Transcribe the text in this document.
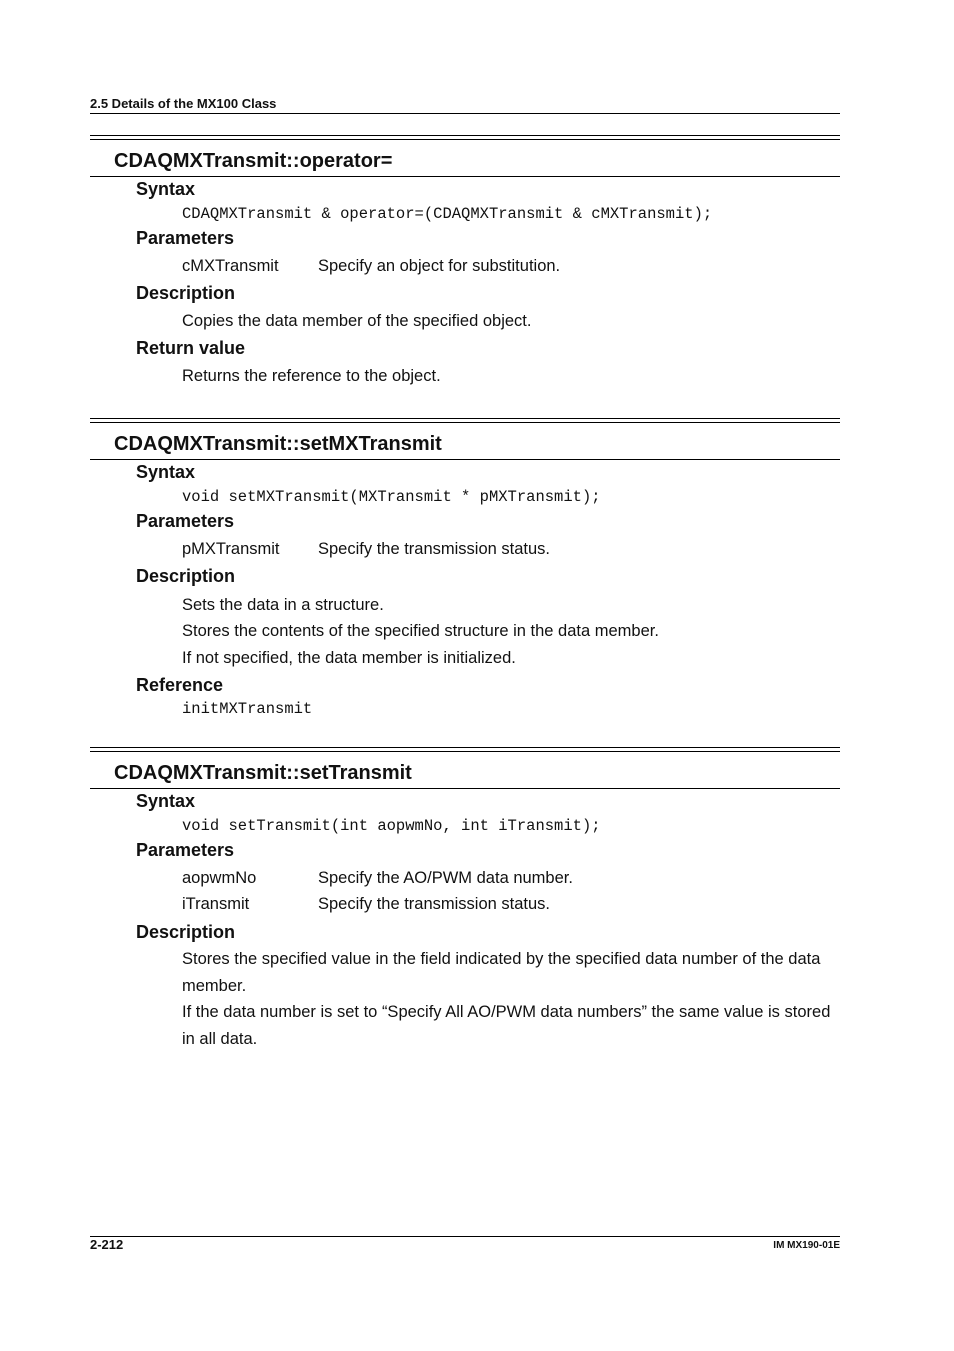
2.5 Details of the MX100 Class
CDAQMXTransmit::operator=
Syntax
CDAQMXTransmit & operator=(CDAQMXTransmit & cMXTransmit);
Parameters
cMXTransmit Specify an object for substitution.
Description
Copies the data member of the specified object.
Return value
Returns the reference to the object.
CDAQMXTransmit::setMXTransmit
Syntax
void setMXTransmit(MXTransmit * pMXTransmit);
Parameters
pMXTransmit Specify the transmission status.
Description
Sets the data in a structure.
Stores the contents of the specified structure in the data member.
If not specified, the data member is initialized.
Reference
initMXTransmit
CDAQMXTransmit::setTransmit
Syntax
void setTransmit(int aopwmNo, int iTransmit);
Parameters
aopwmNo	Specify the AO/PWM data number.
iTransmit	Specify the transmission status.
Description
Stores the specified value in the field indicated by the specified data number of the data member.
If the data number is set to “Specify All AO/PWM data numbers” the same value is stored in all data.
2-212	IM MX190-01E
